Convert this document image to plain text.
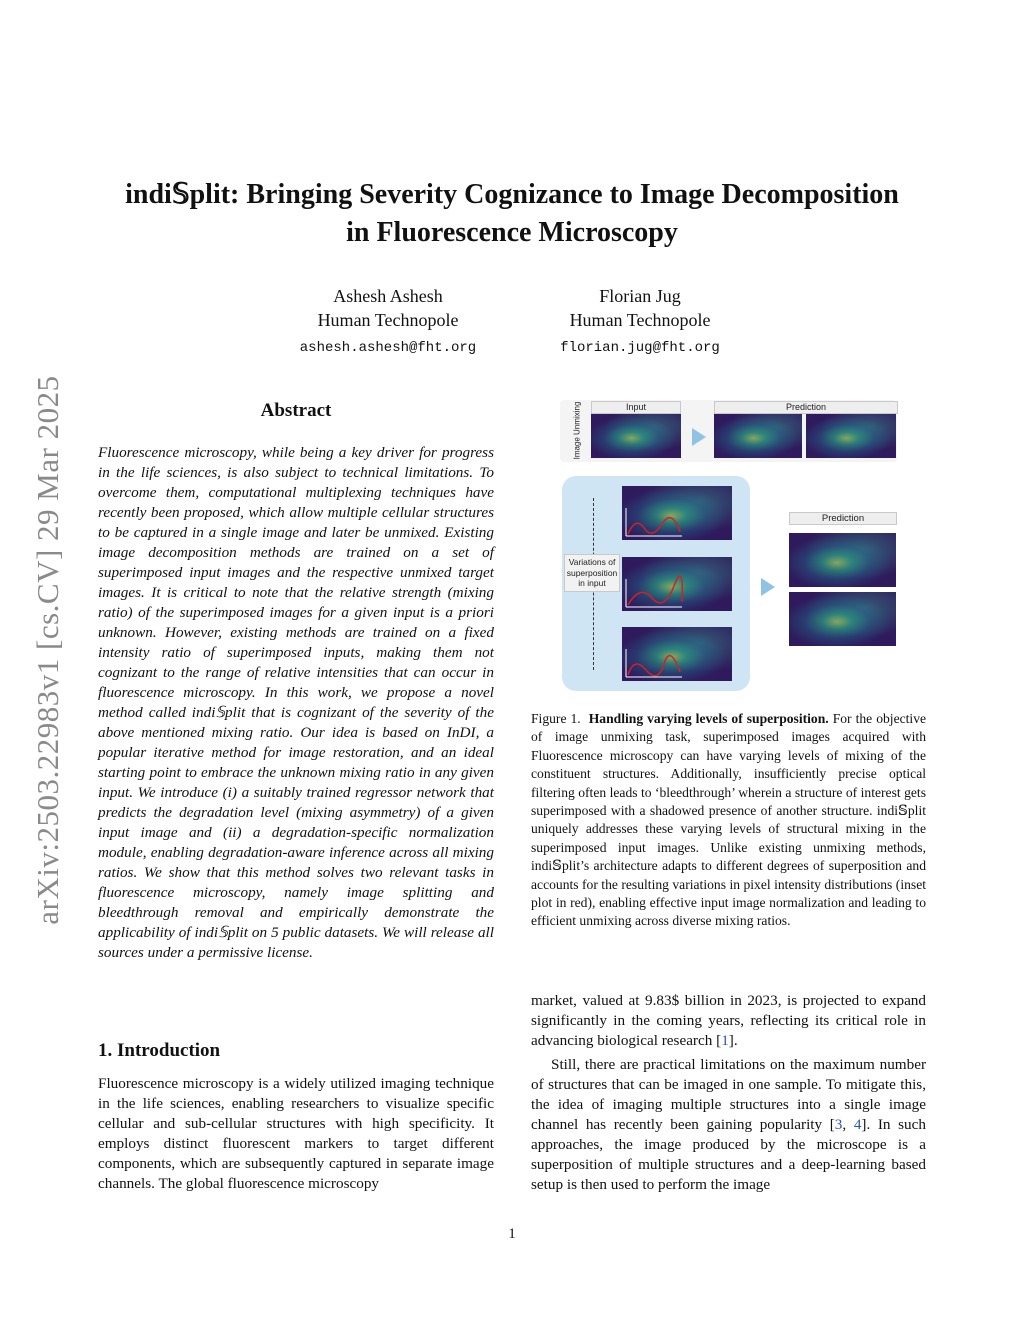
arXiv:2503.22983v1 [cs.CV] 29 Mar 2025
indi𝕊plit: Bringing Severity Cognizance to Image Decomposition
in Fluorescence Microscopy
Ashesh Ashesh
Human Technopole
ashesh.ashesh@fht.org
Florian Jug
Human Technopole
florian.jug@fht.org
Abstract
Fluorescence microscopy, while being a key driver for progress in the life sciences, is also subject to technical limitations. To overcome them, computational multiplexing techniques have recently been proposed, which allow multiple cellular structures to be captured in a single image and later be unmixed. Existing image decomposition methods are trained on a set of superimposed input images and the respective unmixed target images. It is critical to note that the relative strength (mixing ratio) of the superimposed images for a given input is a priori unknown. However, existing methods are trained on a fixed intensity ratio of superimposed inputs, making them not cognizant to the range of relative intensities that can occur in fluorescence microscopy. In this work, we propose a novel method called indi𝕊plit that is cognizant of the severity of the above mentioned mixing ratio. Our idea is based on InDI, a popular iterative method for image restoration, and an ideal starting point to embrace the unknown mixing ratio in any given input. We introduce (i) a suitably trained regressor network that predicts the degradation level (mixing asymmetry) of a given input image and (ii) a degradation-specific normalization module, enabling degradation-aware inference across all mixing ratios. We show that this method solves two relevant tasks in fluorescence microscopy, namely image splitting and bleedthrough removal and empirically demonstrate the applicability of indi𝕊plit on 5 public datasets. We will release all sources under a permissive license.
1. Introduction
Fluorescence microscopy is a widely utilized imaging technique in the life sciences, enabling researchers to visualize specific cellular and sub-cellular structures with high specificity. It employs distinct fluorescent markers to target different components, which are subsequently captured in separate image channels. The global fluorescence microscopy
Image Unmixing	Input	Prediction
Variations of superposition in input
Prediction
Figure 1. Handling varying levels of superposition. For the objective of image unmixing task, superimposed images acquired with Fluorescence microscopy can have varying levels of mixing of the constituent structures. Additionally, insufficiently precise optical filtering often leads to ‘bleedthrough’ wherein a structure of interest gets superimposed with a shadowed presence of another structure. indi𝕊plit uniquely addresses these varying levels of structural mixing in the superimposed input images. Unlike existing unmixing methods, indi𝕊plit’s architecture adapts to different degrees of superposition and accounts for the resulting variations in pixel intensity distributions (inset plot in red), enabling effective input image normalization and leading to efficient unmixing across diverse mixing ratios.
market, valued at 9.83$ billion in 2023, is projected to expand significantly in the coming years, reflecting its critical role in advancing biological research [1].
Still, there are practical limitations on the maximum number of structures that can be imaged in one sample. To mitigate this, the idea of imaging multiple structures into a single image channel has recently been gaining popularity [3, 4]. In such approaches, the image produced by the microscope is a superposition of multiple structures and a deep-learning based setup is then used to perform the image
1
